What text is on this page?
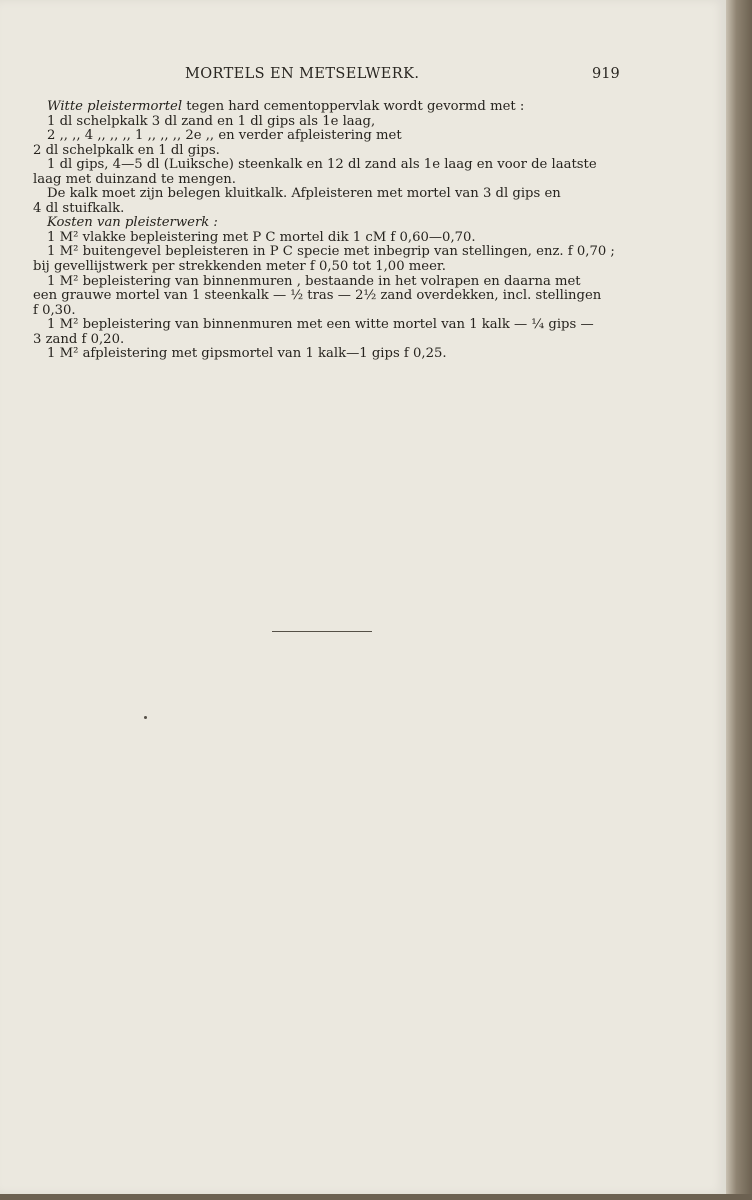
MORTELS EN METSELWERK.	919
Witte pleistermortel tegen hard cementoppervlak wordt gevormd met :
1 dl schelpkalk 3 dl zand en 1 dl gips als 1e laag,
2 ,, ,, 4 ,, ,, ,, 1 ,, ,, ,, 2e ,, en verder afpleistering met
2 dl schelpkalk en 1 dl gips.
1 dl gips, 4—5 dl (Luiksche) steenkalk en 12 dl zand als 1e laag en voor de laatste
laag met duinzand te mengen.
De kalk moet zijn belegen kluitkalk. Afpleisteren met mortel van 3 dl gips en
4 dl stuifkalk.
Kosten van pleisterwerk :
1 M² vlakke bepleistering met P C mortel dik 1 cM f 0,60—0,70.
1 M² buitengevel bepleisteren in P C specie met inbegrip van stellingen, enz. f 0,70 ;
bij gevellijstwerk per strekkenden meter f 0,50 tot 1,00 meer.
1 M² bepleistering van binnenmuren , bestaande in het volrapen en daarna met
een grauwe mortel van 1 steenkalk — ½ tras — 2½ zand overdekken, incl. stellingen
f 0,30.
1 M² bepleistering van binnenmuren met een witte mortel van 1 kalk — ¼ gips —
3 zand f 0,20.
1 M² afpleistering met gipsmortel van 1 kalk—1 gips f 0,25.
